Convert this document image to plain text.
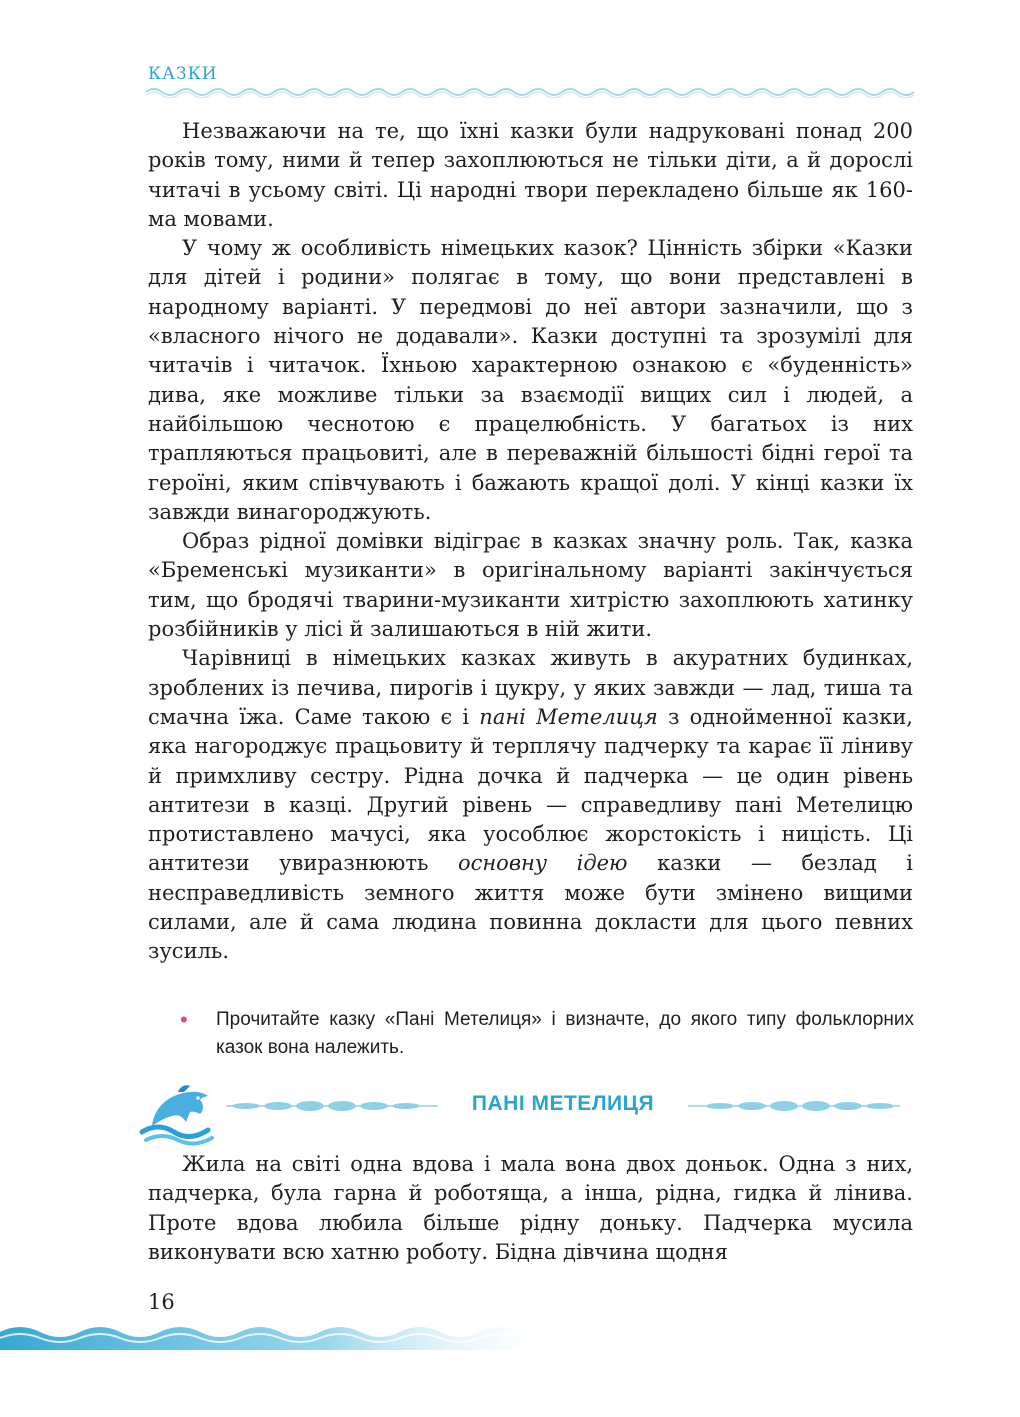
КАЗКИ

Незважаючи на те, що їхні казки були надруковані понад 200 років тому, ними й тепер захоплюються не тільки діти, а й дорослі читачі в усьому світі. Ці народні твори перекладено більше як 160-ма мовами.

У чому ж особливість німецьких казок? Цінність збірки «Казки для дітей і родини» полягає в тому, що вони представлені в народному варіанті. У передмові до неї автори зазначили, що з «власного нічого не додавали». Казки доступні та зрозумілі для читачів і читачок. Їхньою характерною ознакою є «буденність» дива, яке можливе тільки за взаємодії вищих сил і людей, а найбільшою чеснотою є працелюбність. У багатьох із них трапляються працьовиті, але в переважній більшості бідні герої та героїні, яким співчувають і бажають кращої долі. У кінці казки їх завжди винагороджують.

Образ рідної домівки відіграє в казках значну роль. Так, казка «Бременські музиканти» в оригінальному варіанті закінчується тим, що бродячі тварини-музиканти хитрістю захоплюють хатинку розбійників у лісі й залишаються в ній жити.

Чарівниці в німецьких казках живуть в акуратних будинках, зроблених із печива, пирогів і цукру, у яких завжди — лад, тиша та смачна їжа. Саме такою є і пані Метелиця з однойменної казки, яка нагороджує працьовиту й терплячу падчерку та карає її ліниву й примхливу сестру. Рідна дочка й падчерка — це один рівень антитези в казці. Другий рівень — справедливу пані Метелицю протиставлено мачусі, яка уособлює жорстокість і ницість. Ці антитези увиразнюють основну ідею казки — безлад і несправедливість земного життя може бути змінено вищими силами, але й сама людина повинна докласти для цього певних зусиль.

•	Прочитайте казку «Пані Метелиця» і визначте, до якого типу фольклорних казок вона належить.
ПАНІ МЕТЕЛИЦЯ

Жила на світі одна вдова і мала вона двох доньок. Одна з них, падчерка, була гарна й роботяща, а інша, рідна, гидка й лінива. Проте вдова любила більше рідну доньку. Падчерка мусила виконувати всю хатню роботу. Бідна дівчина щодня

16
